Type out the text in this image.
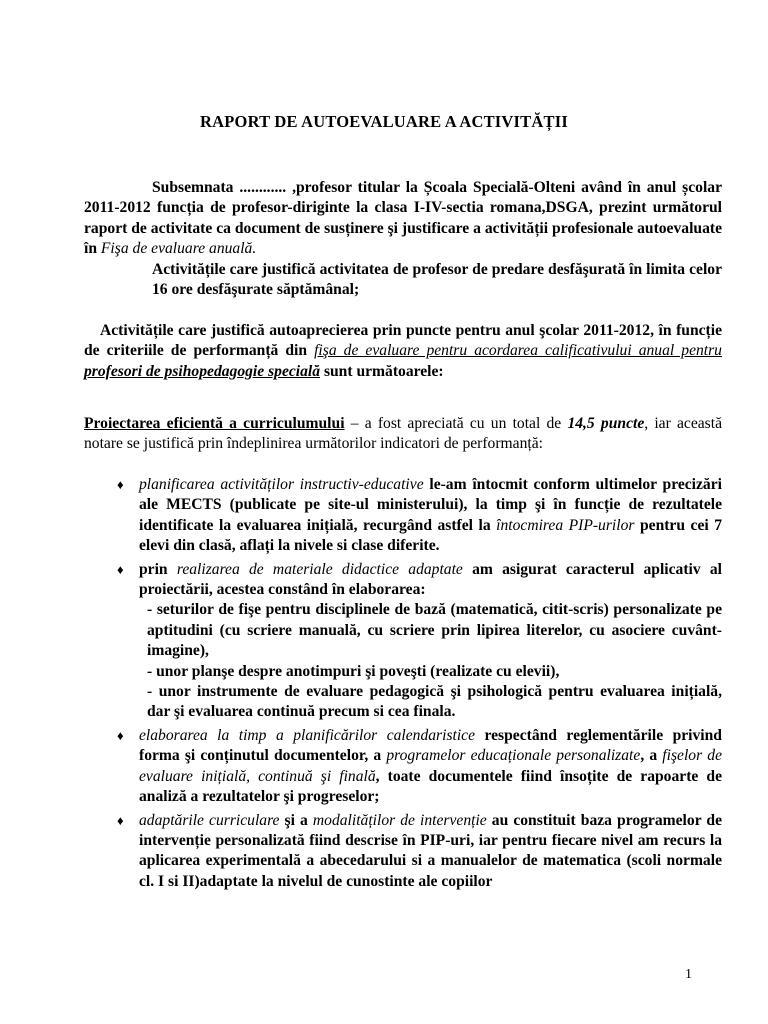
RAPORT DE AUTOEVALUARE A ACTIVITĂȚII
Subsemnata ............ ,profesor titular la Școala Specială-Olteni având în anul școlar 2011-2012 funcția de profesor-diriginte la clasa I-IV-sectia romana,DSGA, prezint următorul raport de activitate ca document de susținere şi justificare a activității profesionale autoevaluate în Fişa de evaluare anuală.
Activitățile care justifică activitatea de profesor de predare desfăşurată în limita celor 16 ore desfăşurate săptămânal;
Activitățile care justifică autoaprecierea prin puncte pentru anul şcolar 2011-2012, în funcție de criteriile de performanță din fişa de evaluare pentru acordarea calificativului anual pentru profesori de psihopedagogie specială sunt următoarele:
Proiectarea eficientă a curriculumului – a fost apreciată cu un total de 14,5 puncte, iar această notare se justifică prin îndeplinirea următorilor indicatori de performanță:
♦ planificarea activităților instructiv-educative le-am întocmit conform ultimelor precizări ale MECTS (publicate pe site-ul ministerului), la timp şi în funcție de rezultatele identificate la evaluarea inițială, recurgând astfel la întocmirea PIP-urilor pentru cei 7 elevi din clasă, aflați la nivele si clase diferite.
♦ prin realizarea de materiale didactice adaptate am asigurat caracterul aplicativ al proiectării, acestea constând în elaborarea:
- seturilor de fişe pentru disciplinele de bază (matematică, citit-scris) personalizate pe aptitudini (cu scriere manuală, cu scriere prin lipirea literelor, cu asociere cuvânt-imagine),
- unor planşe despre anotimpuri şi poveşti (realizate cu elevii),
- unor instrumente de evaluare pedagogică şi psihologică pentru evaluarea inițială, dar şi evaluarea continuă precum si cea finala.
♦ elaborarea la timp a planificărilor calendaristice respectând reglementările privind forma şi conținutul documentelor, a programelor educaționale personalizate, a fişelor de evaluare inițială, continuă şi finală, toate documentele fiind însoțite de rapoarte de analiză a rezultatelor şi progreselor;
♦ adaptările curriculare şi a modalităților de intervenție au constituit baza programelor de intervenție personalizată fiind descrise în PIP-uri, iar pentru fiecare nivel am recurs la aplicarea experimentală a abecedarului si a manualelor de matematica (scoli normale cl. I si II)adaptate la nivelul de cunostinte ale copiilor
1
